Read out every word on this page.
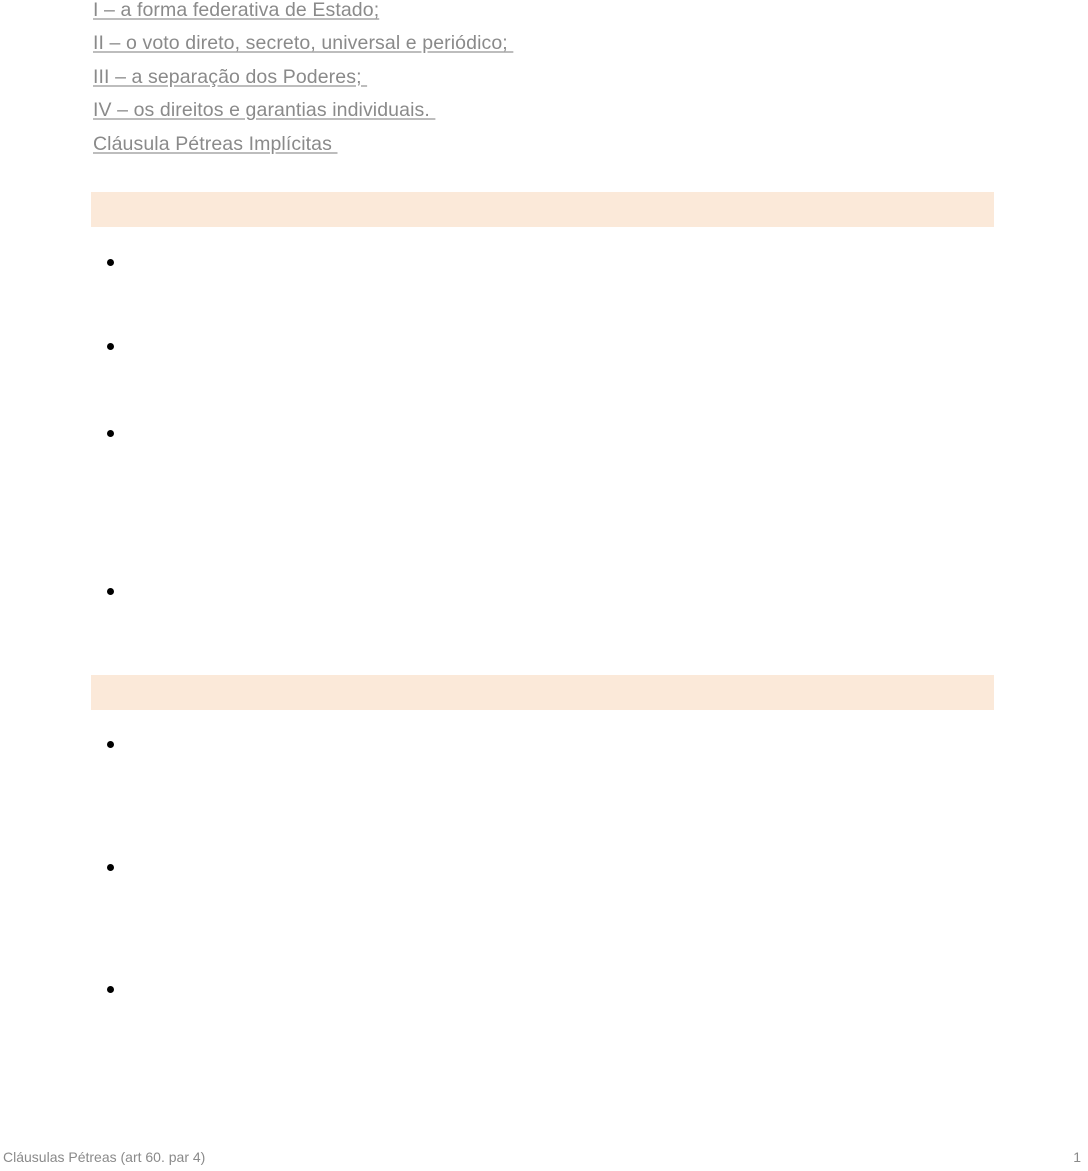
I – a forma federativa de Estado;
II – o voto direto, secreto, universal e periódico;
III – a separação dos Poderes;
IV – os direitos e garantias individuais.
Cláusula Pétreas Implícitas
Cláusulas Pétreas (art 60. par 4)	1
